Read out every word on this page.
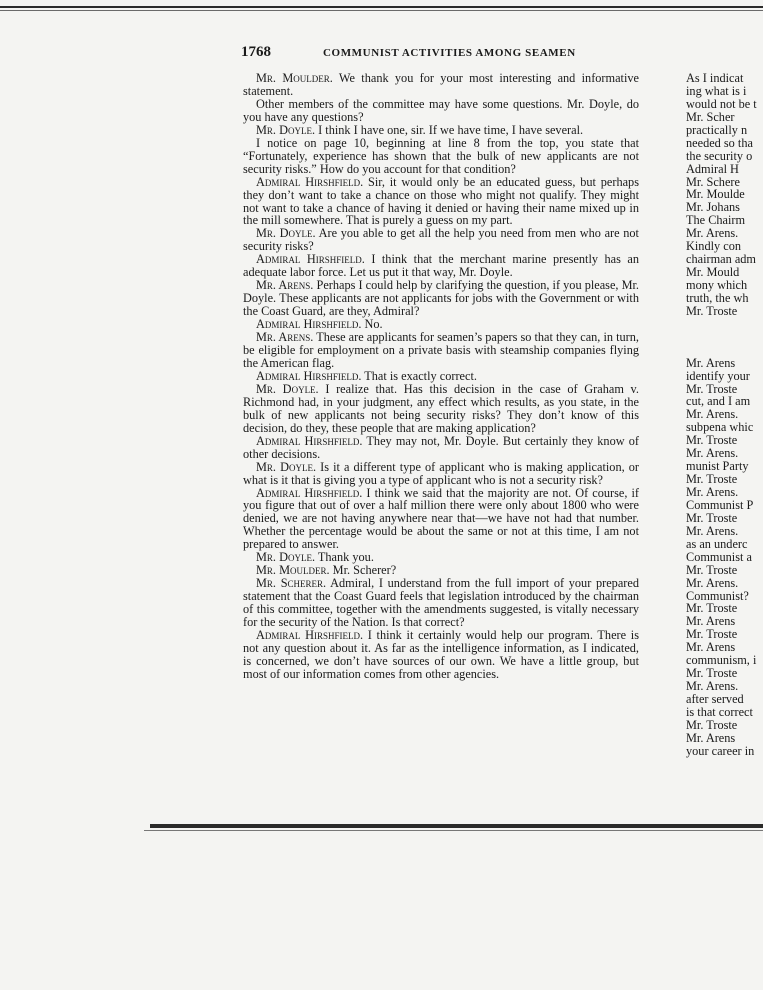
1768	COMMUNIST ACTIVITIES AMONG SEAMEN

Mr. Moulder. We thank you for your most interesting and informative statement.

Other members of the committee may have some questions. Mr. Doyle, do you have any questions?

Mr. Doyle. I think I have one, sir. If we have time, I have several.

I notice on page 10, beginning at line 8 from the top, you state that “Fortunately, experience has shown that the bulk of new applicants are not security risks.” How do you account for that condition?

Admiral Hirshfield. Sir, it would only be an educated guess, but perhaps they don’t want to take a chance on those who might not qualify. They might not want to take a chance of having it denied or having their name mixed up in the mill somewhere. That is purely a guess on my part.

Mr. Doyle. Are you able to get all the help you need from men who are not security risks?

Admiral Hirshfield. I think that the merchant marine presently has an adequate labor force. Let us put it that way, Mr. Doyle.

Mr. Arens. Perhaps I could help by clarifying the question, if you please, Mr. Doyle. These applicants are not applicants for jobs with the Government or with the Coast Guard, are they, Admiral?

Admiral Hirshfield. No.

Mr. Arens. These are applicants for seamen’s papers so that they can, in turn, be eligible for employment on a private basis with steamship companies flying the American flag.

Admiral Hirshfield. That is exactly correct.

Mr. Doyle. I realize that. Has this decision in the case of Graham v. Richmond had, in your judgment, any effect which results, as you state, in the bulk of new applicants not being security risks? They don’t know of this decision, do they, these people that are making application?

Admiral Hirshfield. They may not, Mr. Doyle. But certainly they know of other decisions.

Mr. Doyle. Is it a different type of applicant who is making application, or what is it that is giving you a type of applicant who is not a security risk?

Admiral Hirshfield. I think we said that the majority are not. Of course, if you figure that out of over a half million there were only about 1800 who were denied, we are not having anywhere near that—we have not had that number. Whether the percentage would be about the same or not at this time, I am not prepared to answer.

Mr. Doyle. Thank you.

Mr. Moulder. Mr. Scherer?

Mr. Scherer. Admiral, I understand from the full import of your prepared statement that the Coast Guard feels that legislation introduced by the chairman of this committee, together with the amendments suggested, is vitally necessary for the security of the Nation. Is that correct?

Admiral Hirshfield. I think it certainly would help our program. There is not any question about it. As far as the intelligence information, as I indicated, is concerned, we don’t have sources of our own. We have a little group, but most of our information comes from other agencies.

As I indicat
ing what is i
would not be t
Mr. Scher
practically n
needed so tha
the security o
Admiral H
Mr. Schere
Mr. Moulde
Mr. Johans
The Chairm
Mr. Arens.
Kindly con
chairman adm
Mr. Mould
mony which
truth, the wh
Mr. Troste
Mr. Arens
identify your
Mr. Troste
cut, and I am
Mr. Arens.
subpena whic
Mr. Troste
Mr. Arens.
munist Party
Mr. Troste
Mr. Arens.
Communist P
Mr. Troste
Mr. Arens.
as an underc
Communist a
Mr. Troste
Mr. Arens.
Communist?
Mr. Troste
Mr. Arens
Mr. Troste
Mr. Arens
communism, i
Mr. Troste
Mr. Arens.
after served
is that correct
Mr. Troste
Mr. Arens
your career in
